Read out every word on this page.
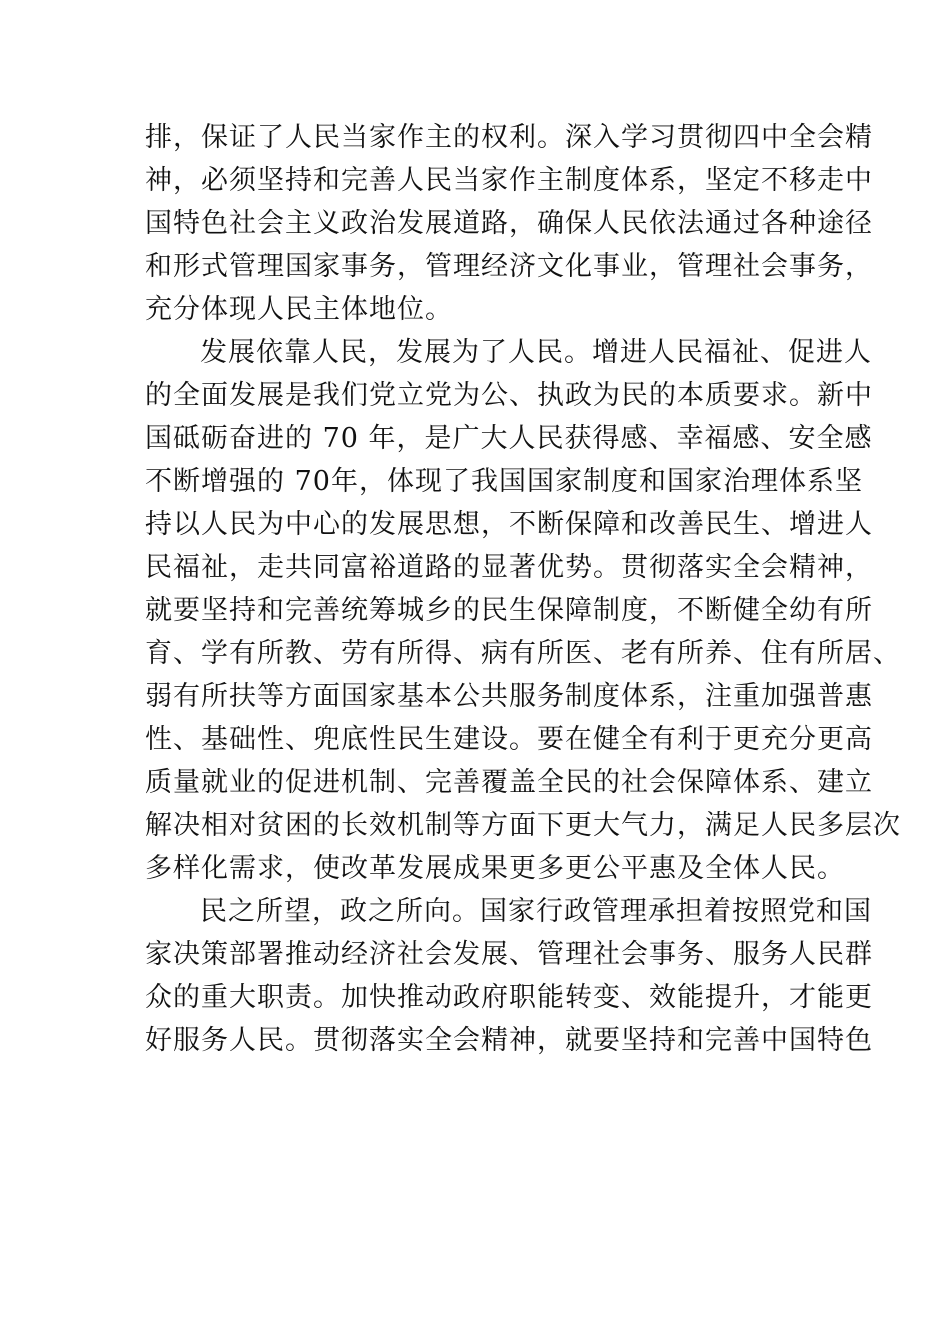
排，保证了人民当家作主的权利。深入学习贯彻四中全会精
神，必须坚持和完善人民当家作主制度体系，坚定不移走中
国特色社会主义政治发展道路，确保人民依法通过各种途径
和形式管理国家事务，管理经济文化事业，管理社会事务，
充分体现人民主体地位。
发展依靠人民，发展为了人民。增进人民福祉、促进人
的全面发展是我们党立党为公、执政为民的本质要求。新中
国砥砺奋进的 70 年，是广大人民获得感、幸福感、安全感
不断增强的 70年，体现了我国国家制度和国家治理体系坚
持以人民为中心的发展思想，不断保障和改善民生、增进人
民福祉，走共同富裕道路的显著优势。贯彻落实全会精神，
就要坚持和完善统筹城乡的民生保障制度，不断健全幼有所
育、学有所教、劳有所得、病有所医、老有所养、住有所居、
弱有所扶等方面国家基本公共服务制度体系，注重加强普惠
性、基础性、兜底性民生建设。要在健全有利于更充分更高
质量就业的促进机制、完善覆盖全民的社会保障体系、建立
解决相对贫困的长效机制等方面下更大气力，满足人民多层次
多样化需求，使改革发展成果更多更公平惠及全体人民。
民之所望，政之所向。国家行政管理承担着按照党和国
家决策部署推动经济社会发展、管理社会事务、服务人民群
众的重大职责。加快推动政府职能转变、效能提升，才能更
好服务人民。贯彻落实全会精神，就要坚持和完善中国特色
